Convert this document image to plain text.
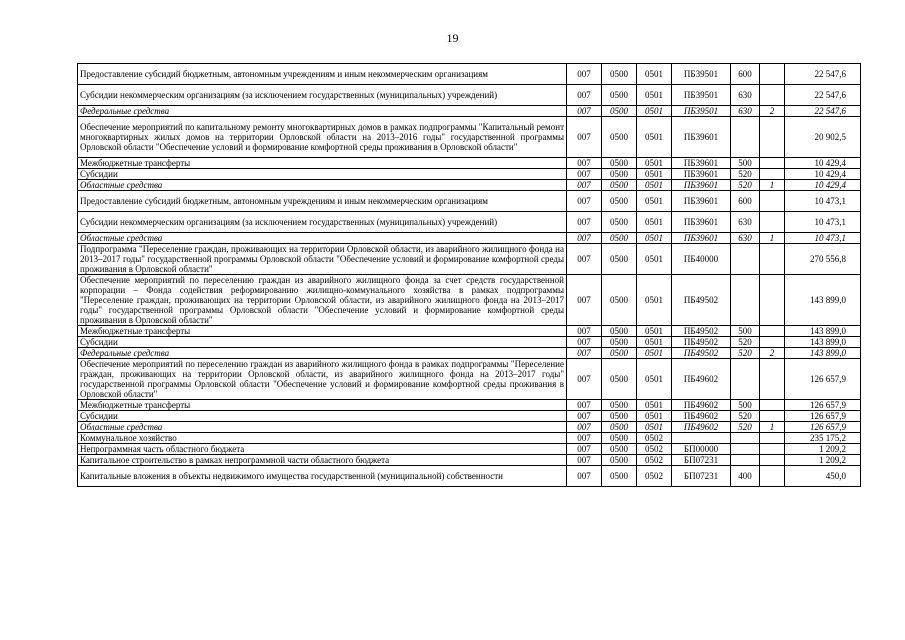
19
Предоставление субсидий бюджетным, автономным учреждениям и иным некоммерческим организациям	007	0500	0501	ПБ39501	600		22 547,6
Субсидии некоммерческим организациям (за исключением государственных (муниципальных) учреждений)	007	0500	0501	ПБ39501	630		22 547,6
Федеральные средства	007	0500	0501	ПБ39501	630	2	22 547,6
Обеспечение мероприятий по капитальному ремонту многоквартирных домов в рамках подпрограммы "Капитальный ремонт многоквартирных жилых домов на территории Орловской области на 2013–2016 годы" государственной программы Орловской области "Обеспечение условий и формирование комфортной среды проживания в Орловской области"	007	0500	0501	ПБ39601			20 902,5
Межбюджетные трансферты	007	0500	0501	ПБ39601	500		10 429,4
Субсидии	007	0500	0501	ПБ39601	520		10 429,4
Областные средства	007	0500	0501	ПБ39601	520	1	10 429,4
Предоставление субсидий бюджетным, автономным учреждениям и иным некоммерческим организациям	007	0500	0501	ПБ39601	600		10 473,1
Субсидии некоммерческим организациям (за исключением государственных (муниципальных) учреждений)	007	0500	0501	ПБ39601	630		10 473,1
Областные средства	007	0500	0501	ПБ39601	630	1	10 473,1
Подпрограмма "Переселение граждан, проживающих на территории Орловской области, из аварийного жилищного фонда на 2013–2017 годы" государственной программы Орловской области "Обеспечение условий и формирование комфортной среды проживания в Орловской области"	007	0500	0501	ПБ40000			270 556,8
Обеспечение мероприятий по переселению граждан из аварийного жилищного фонда за счет средств государственной корпорации – Фонда содействия реформированию жилищно-коммунального хозяйства в рамках подпрограммы "Переселение граждан, проживающих на территории Орловской области, из аварийного жилищного фонда на 2013–2017 годы" государственной программы Орловской области "Обеспечение условий и формирование комфортной среды проживания в Орловской области"	007	0500	0501	ПБ49502			143 899,0
Межбюджетные трансферты	007	0500	0501	ПБ49502	500		143 899,0
Субсидии	007	0500	0501	ПБ49502	520		143 899,0
Федеральные средства	007	0500	0501	ПБ49502	520	2	143 899,0
Обеспечение мероприятий по переселению граждан из аварийного жилищного фонда в рамках подпрограммы "Переселение граждан, проживающих на территории Орловской области, из аварийного жилищного фонда на 2013–2017 годы" государственной программы Орловской области "Обеспечение условий и формирование комфортной среды проживания в Орловской области"	007	0500	0501	ПБ49602			126 657,9
Межбюджетные трансферты	007	0500	0501	ПБ49602	500		126 657,9
Субсидии	007	0500	0501	ПБ49602	520		126 657,9
Областные средства	007	0500	0501	ПБ49602	520	1	126 657,9
Коммунальное хозяйство	007	0500	0502				235 175,2
Непрограммная часть областного бюджета	007	0500	0502	БП00000			1 209,2
Капитальное строительство в рамках непрограммной части областного бюджета	007	0500	0502	БП07231			1 209,2
Капитальные вложения в объекты недвижимого имущества государственной (муниципальной) собственности	007	0500	0502	БП07231	400		450,0
